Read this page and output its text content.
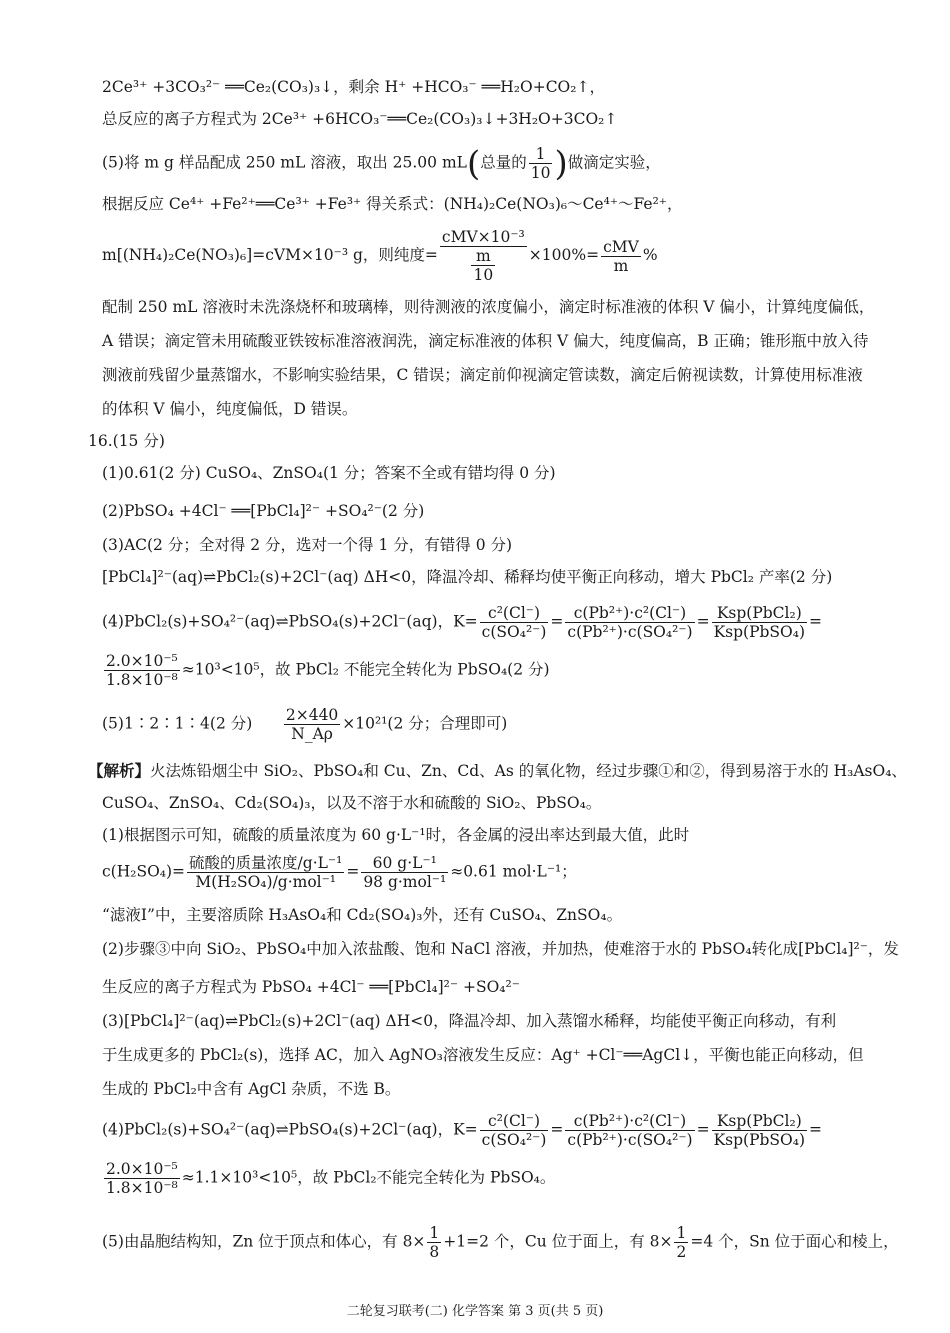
2Ce³⁺ +3CO₃²⁻ ══Ce₂(CO₃)₃↓，剩余 H⁺ +HCO₃⁻ ══H₂O+CO₂↑，
总反应的离子方程式为 2Ce³⁺ +6HCO₃⁻══Ce₂(CO₃)₃↓+3H₂O+3CO₂↑
(5)将 m g 样品配成 250 mL 溶液，取出 25.00 mL(总量的 $\frac{1}{10}$ )做滴定实验，
根据反应 Ce⁴⁺ +Fe²⁺══Ce³⁺ +Fe³⁺ 得关系式：(NH₄)₂Ce(NO₃)₆～Ce⁴⁺～Fe²⁺，
m[(NH₄)₂Ce(NO₃)₆]=cVM×10⁻³ g，则纯度= $\frac{\text{cMV×10⁻³}}{\frac{m}{10}} \times 100\%= \frac{\text{cMV}}{m}$ %
配制 250 mL 溶液时未洗涤烧杯和玻璃棒，则待测液的浓度偏小，滴定时标准液的体积 V 偏小，计算纯度偏低，
A 错误；滴定管未用硫酸亚铁铵标准溶液润洗，滴定标准液的体积 V 偏大，纯度偏高，B 正确；锥形瓶中放入待
测液前残留少量蒸馏水，不影响实验结果，C 错误；滴定前仰视滴定管读数，滴定后俯视读数，计算使用标准液
的体积 V 偏小，纯度偏低，D 错误。
16.(15 分)
(1)0.61(2 分) CuSO₄、ZnSO₄(1 分；答案不全或有错均得 0 分)
(2)PbSO₄ +4Cl⁻ ══[PbCl₄]²⁻ +SO₄²⁻(2 分)
(3)AC(2 分；全对得 2 分，选对一个得 1 分，有错得 0 分)
[PbCl₄]²⁻(aq)⇌PbCl₂(s)+2Cl⁻(aq) ΔH<0，降温冷却、稀释均使平衡正向移动，增大 PbCl₂ 产率(2 分)
(4)PbCl₂(s)+SO₄²⁻(aq)⇌PbSO₄(s)+2Cl⁻(aq)，$K= \frac{\text{c²(Cl⁻)}}{\text{c(SO₄²⁻)}} = \frac{\text{c(Pb²⁺)·c²(Cl⁻)}}{\text{c(Pb²⁺)·c(SO₄²⁻)}} = \frac{\text{Ksp(PbCl₂)}}{\text{Ksp(PbSO₄)}}$ =
$\frac{\text{2.0×10⁻⁵}}{\text{1.8×10⁻⁸}} \approx 10^3<10^5$，故 PbCl₂ 不能完全转化为 PbSO₄(2 分)
(5)1∶2∶1∶4(2 分) $\frac{2\times 440}{N\_A\rho} \times 10^{21}(2$ 分；合理即可)
【解析】火法炼铅烟尘中 SiO₂、PbSO₄和 Cu、Zn、Cd、As 的氧化物，经过步骤①和②，得到易溶于水的 H₃AsO₄、
CuSO₄、ZnSO₄、Cd₂(SO₄)₃，以及不溶于水和硫酸的 SiO₂、PbSO₄。
(1)根据图示可知，硫酸的质量浓度为 60 g·L⁻¹时，各金属的浸出率达到最大值，此时
$c(H_2SO_4)= \frac{\text{硫酸的质量浓度/g·L⁻¹}}{\text{M(H₂SO₄)/g·mol⁻¹}} = \frac{\text{60 g·L⁻¹}}{\text{98 g·mol⁻¹}} \approx 0.61$ mol·L⁻¹；
“滤液Ⅰ”中，主要溶质除 H₃AsO₄和 Cd₂(SO₄)₃外，还有 CuSO₄、ZnSO₄。
(2)步骤③中向 SiO₂、PbSO₄中加入浓盐酸、饱和 NaCl 溶液，并加热，使难溶于水的 PbSO₄转化成[PbCl₄]²⁻，发
生反应的离子方程式为 PbSO₄ +4Cl⁻ ══[PbCl₄]²⁻ +SO₄²⁻
(3)[PbCl₄]²⁻(aq)⇌PbCl₂(s)+2Cl⁻(aq) ΔH<0，降温冷却、加入蒸馏水稀释，均能使平衡正向移动，有利
于生成更多的 PbCl₂(s)，选择 AC，加入 AgNO₃溶液发生反应：Ag⁺ +Cl⁻══AgCl↓，平衡也能正向移动，但
生成的 PbCl₂中含有 AgCl 杂质，不选 B。
(4)PbCl₂(s)+SO₄²⁻(aq)⇌PbSO₄(s)+2Cl⁻(aq)，$K= \frac{\text{c²(Cl⁻)}}{\text{c(SO₄²⁻)}} = \frac{\text{c(Pb²⁺)·c²(Cl⁻)}}{\text{c(Pb²⁺)·c(SO₄²⁻)}} = \frac{\text{Ksp(PbCl₂)}}{\text{Ksp(PbSO₄)}}$ =
$\frac{\text{2.0×10⁻⁵}}{\text{1.8×10⁻⁸}} \approx 1.1\times 10^3<10^5$，故 PbCl₂不能完全转化为 PbSO₄。
(5)由晶胞结构知，Zn 位于顶点和体心，有 $8\times \frac{1}{8} +1=2$ 个，Cu 位于面上，有 $8\times \frac{1}{2} =4$ 个，Sn 位于面心和棱上，
二轮复习联考(二) 化学答案 第 3 页(共 5 页)
